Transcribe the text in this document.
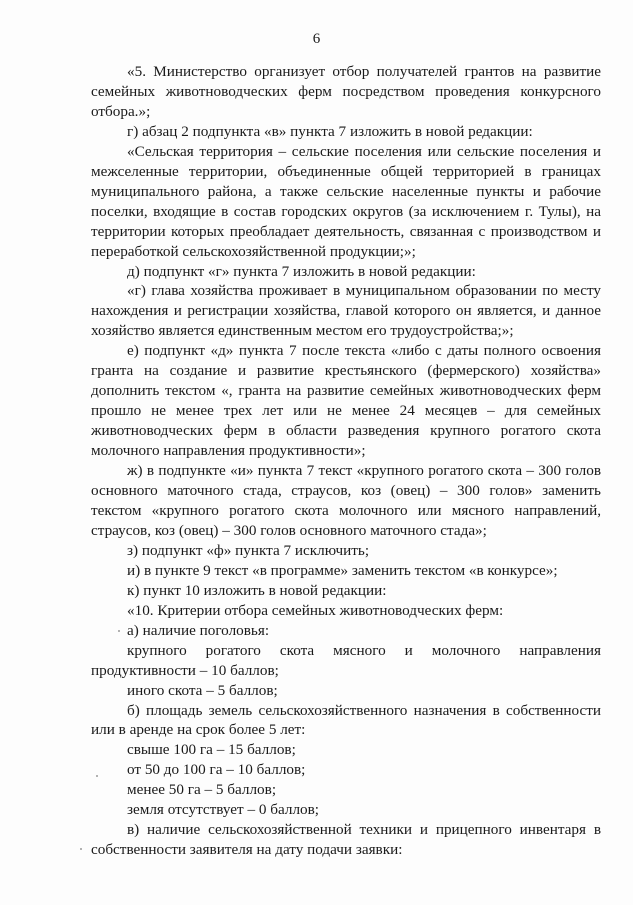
6

«5. Министерство организует отбор получателей грантов на развитие семейных животноводческих ферм посредством проведения конкурсного отбора.»;

г) абзац 2 подпункта «в» пункта 7 изложить в новой редакции:

«Сельская территория – сельские поселения или сельские поселения и межселенные территории, объединенные общей территорией в границах муниципального района, а также сельские населенные пункты и рабочие поселки, входящие в состав городских округов (за исключением г. Тулы), на территории которых преобладает деятельность, связанная с производством и переработкой сельскохозяйственной продукции;»;

д) подпункт «г» пункта 7 изложить в новой редакции:

«г) глава хозяйства проживает в муниципальном образовании по месту нахождения и регистрации хозяйства, главой которого он является, и данное хозяйство является единственным местом его трудоустройства;»;

е) подпункт «д» пункта 7 после текста «либо с даты полного освоения гранта на создание и развитие крестьянского (фермерского) хозяйства» дополнить текстом «, гранта на развитие семейных животноводческих ферм прошло не менее трех лет или не менее 24 месяцев – для семейных животноводческих ферм в области разведения крупного рогатого скота молочного направления продуктивности»;

ж) в подпункте «и» пункта 7 текст «крупного рогатого скота – 300 голов основного маточного стада, страусов, коз (овец) – 300 голов» заменить текстом «крупного рогатого скота молочного или мясного направлений, страусов, коз (овец) – 300 голов основного маточного стада»;

з) подпункт «ф» пункта 7 исключить;

и) в пункте 9 текст «в программе» заменить текстом «в конкурсе»;

к) пункт 10 изложить в новой редакции:

«10. Критерии отбора семейных животноводческих ферм:

а) наличие поголовья:

крупного рогатого скота мясного и молочного направления продуктивности – 10 баллов;

иного скота – 5 баллов;

б) площадь земель сельскохозяйственного назначения в собственности или в аренде на срок более 5 лет:

свыше 100 га – 15 баллов;

от 50 до 100 га – 10 баллов;

менее 50 га – 5 баллов;

земля отсутствует – 0 баллов;

в) наличие сельскохозяйственной техники и прицепного инвентаря в собственности заявителя на дату подачи заявки:
